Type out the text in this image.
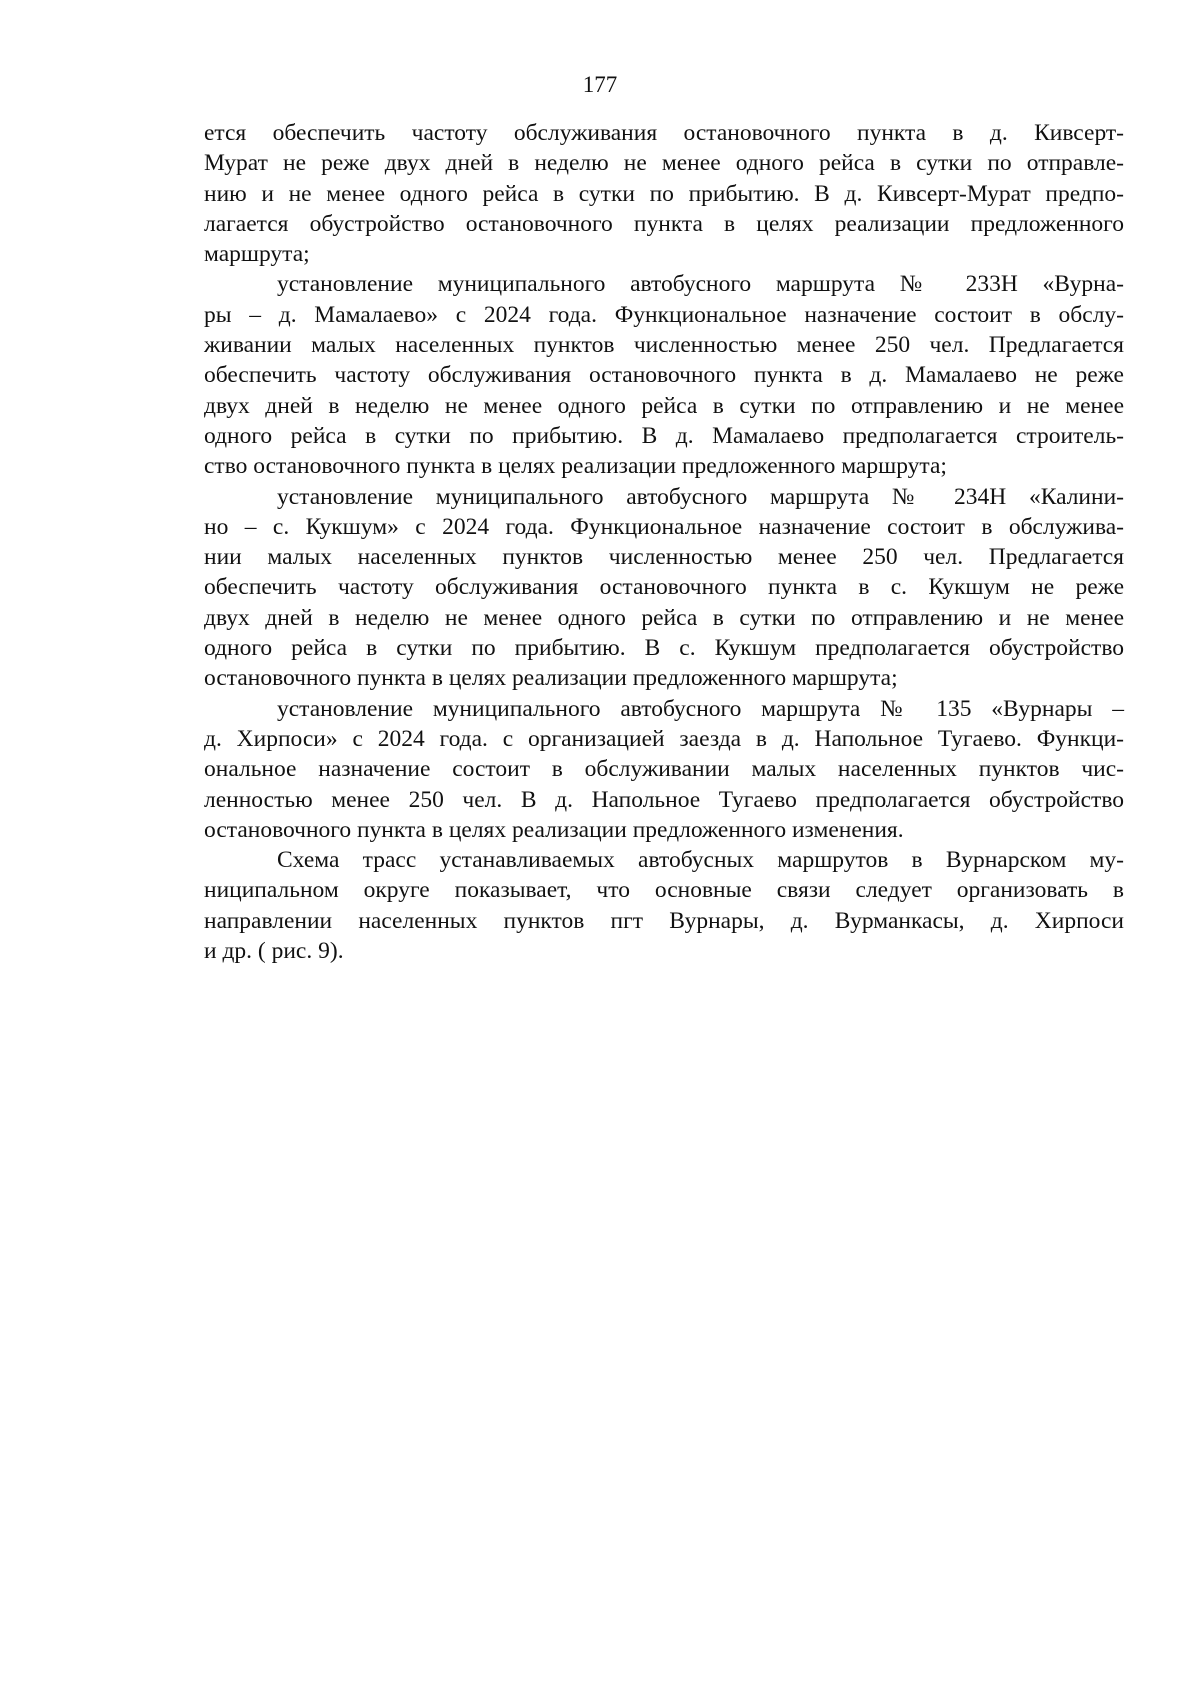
177
ется обеспечить частоту обслуживания остановочного пункта в д. Кивсерт-
Мурат не реже двух дней в неделю не менее одного рейса в сутки по отправле-
нию и не менее одного рейса в сутки по прибытию. В д. Кивсерт-Мурат предпо-
лагается обустройство остановочного пункта в целях реализации предложенного
маршрута;
установление муниципального автобусного маршрута № 233Н «Вурна-
ры – д. Мамалаево» с 2024 года. Функциональное назначение состоит в обслу-
живании малых населенных пунктов численностью менее 250 чел. Предлагается
обеспечить частоту обслуживания остановочного пункта в д. Мамалаево не реже
двух дней в неделю не менее одного рейса в сутки по отправлению и не менее
одного рейса в сутки по прибытию. В д. Мамалаево предполагается строитель-
ство остановочного пункта в целях реализации предложенного маршрута;
установление муниципального автобусного маршрута № 234Н «Калини-
но – с. Кукшум» с 2024 года. Функциональное назначение состоит в обслужива-
нии малых населенных пунктов численностью менее 250 чел. Предлагается
обеспечить частоту обслуживания остановочного пункта в с. Кукшум не реже
двух дней в неделю не менее одного рейса в сутки по отправлению и не менее
одного рейса в сутки по прибытию. В с. Кукшум предполагается обустройство
остановочного пункта в целях реализации предложенного маршрута;
установление муниципального автобусного маршрута № 135 «Вурнары –
д. Хирпоси» с 2024 года. с организацией заезда в д. Напольное Тугаево. Функци-
ональное назначение состоит в обслуживании малых населенных пунктов чис-
ленностью менее 250 чел. В д. Напольное Тугаево предполагается обустройство
остановочного пункта в целях реализации предложенного изменения.
Схема трасс устанавливаемых автобусных маршрутов в Вурнарском му-
ниципальном округе показывает, что основные связи следует организовать в
направлении населенных пунктов пгт Вурнары, д. Вурманкасы, д. Хирпоси
и др. ( рис. 9).
